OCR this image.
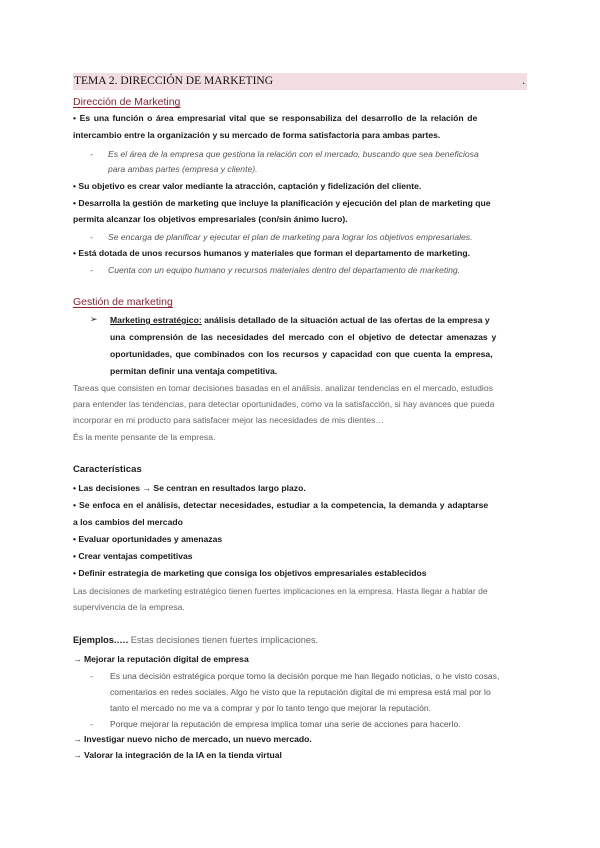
TEMA 2. DIRECCIÓN DE MARKETING	.
Dirección de Marketing
• Es una función o área empresarial vital que se responsabiliza del desarrollo de la relación de
intercambio entre la organización y su mercado de forma satisfactoria para ambas partes.
- Es el área de la empresa que gestiona la relación con el mercado, buscando que sea beneficiosa
para ambas partes (empresa y cliente).
• Su objetivo es crear valor mediante la atracción, captación y fidelización del cliente.
• Desarrolla la gestión de marketing que incluye la planificación y ejecución del plan de marketing que
permita alcanzar los objetivos empresariales (con/sin ánimo lucro).
- Se encarga de planificar y ejecutar el plan de marketing para lograr los objetivos empresariales.
• Está dotada de unos recursos humanos y materiales que forman el departamento de marketing.
- Cuenta con un equipo humano y recursos materiales dentro del departamento de marketing.
Gestión de marketing
➢ Marketing estratégico: análisis detallado de la situación actual de las ofertas de la empresa y
una comprensión de las necesidades del mercado con el objetivo de detectar amenazas y
oportunidades, que combinados con los recursos y capacidad con que cuenta la empresa,
permitan definir una ventaja competitiva.
Tareas que consisten en tomar decisiones basadas en el análisis. analizar tendencias en el mercado, estudios
para entender las tendencias, para detectar oportunidades, como va la satisfacción, si hay avances que pueda
incorporar en mi producto para satisfacer mejor las necesidades de mis dientes…
És la mente pensante de la empresa.
Características
• Las decisiones → Se centran en resultados largo plazo.
• Se enfoca en el análisis, detectar necesidades, estudiar a la competencia, la demanda y adaptarse
a los cambios del mercado
• Evaluar oportunidades y amenazas
• Crear ventajas competitivas
• Definir estrategia de marketing que consiga los objetivos empresariales establecidos
Las decisiones de marketing estratégico tienen fuertes implicaciones en la empresa. Hasta llegar a hablar de
supervivencia de la empresa.
Ejemplos.…. Estas decisiones tienen fuertes implicaciones.
→ Mejorar la reputación digital de empresa
- Es una decisión estratégica porque tomo la decisión porque me han llegado noticias, o he visto cosas,
comentarios en redes sociales. Algo he visto que la reputación digital de mi empresa está mal por lo
tanto el mercado no me va a comprar y por lo tanto tengo que mejorar la reputación.
- Porque mejorar la reputación de empresa implica tomar una serie de acciones para hacerlo.
→ Investigar nuevo nicho de mercado, un nuevo mercado.
→ Valorar la integración de la IA en la tienda virtual
